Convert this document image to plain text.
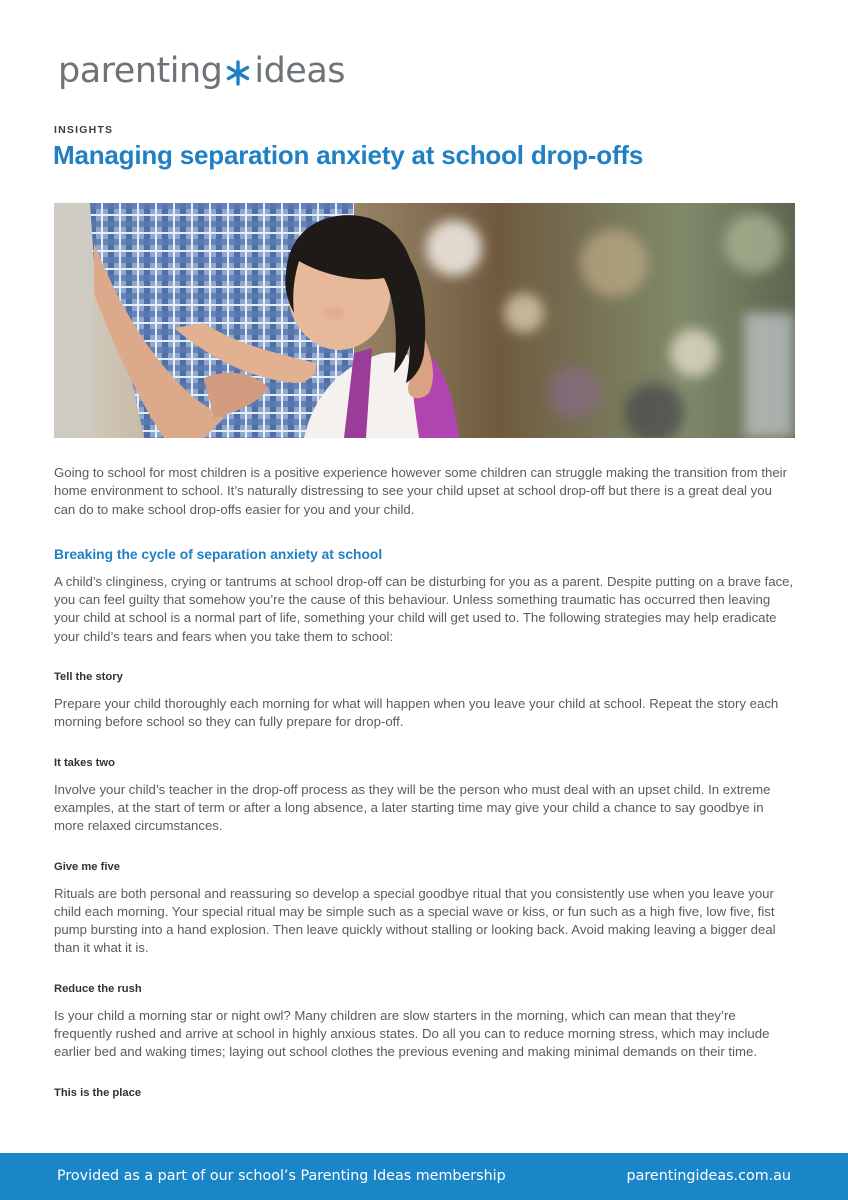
parenting ideas
INSIGHTS
Managing separation anxiety at school drop-offs

Going to school for most children is a positive experience however some children can struggle making the transition from their home environment to school. It’s naturally distressing to see your child upset at school drop-off but there is a great deal you can do to make school drop-offs easier for you and your child.

Breaking the cycle of separation anxiety at school

A child’s clinginess, crying or tantrums at school drop-off can be disturbing for you as a parent. Despite putting on a brave face, you can feel guilty that somehow you’re the cause of this behaviour. Unless something traumatic has occurred then leaving your child at school is a normal part of life, something your child will get used to. The following strategies may help eradicate your child’s tears and fears when you take them to school:

Tell the story

Prepare your child thoroughly each morning for what will happen when you leave your child at school. Repeat the story each morning before school so they can fully prepare for drop-off.

It takes two

Involve your child’s teacher in the drop-off process as they will be the person who must deal with an upset child. In extreme examples, at the start of term or after a long absence, a later starting time may give your child a chance to say goodbye in more relaxed circumstances.

Give me five

Rituals are both personal and reassuring so develop a special goodbye ritual that you consistently use when you leave your child each morning. Your special ritual may be simple such as a special wave or kiss, or fun such as a high five, low five, fist pump bursting into a hand explosion. Then leave quickly without stalling or looking back. Avoid making leaving a bigger deal than it what it is.

Reduce the rush

Is your child a morning star or night owl? Many children are slow starters in the morning, which can mean that they’re frequently rushed and arrive at school in highly anxious states. Do all you can to reduce morning stress, which may include earlier bed and waking times; laying out school clothes the previous evening and making minimal demands on their time.

This is the place
Provided as a part of our school’s Parenting Ideas membership	parentingideas.com.au
